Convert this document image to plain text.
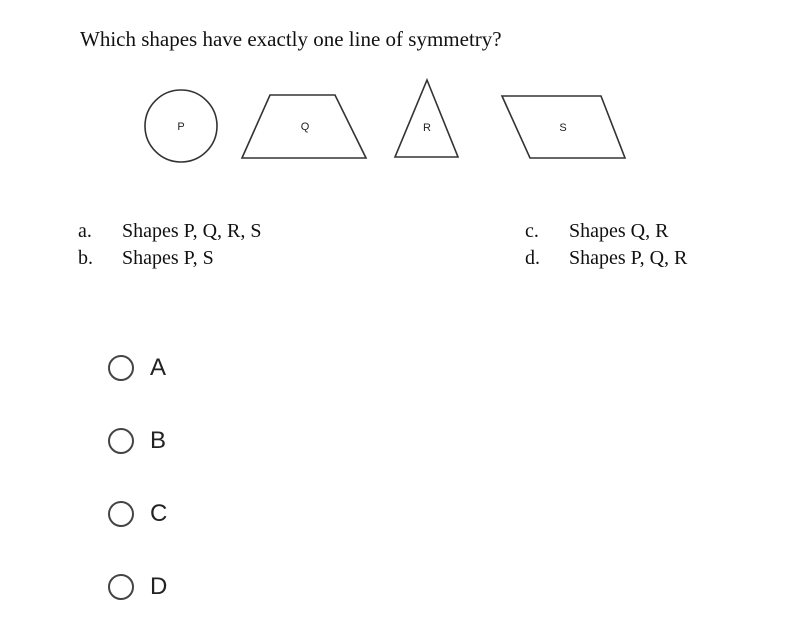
Which shapes have exactly one line of symmetry?
P	Q	R	S
a.	Shapes P, Q, R, S
b.	Shapes P, S
c.	Shapes Q, R
d.	Shapes P, Q, R
A
B
C
D
